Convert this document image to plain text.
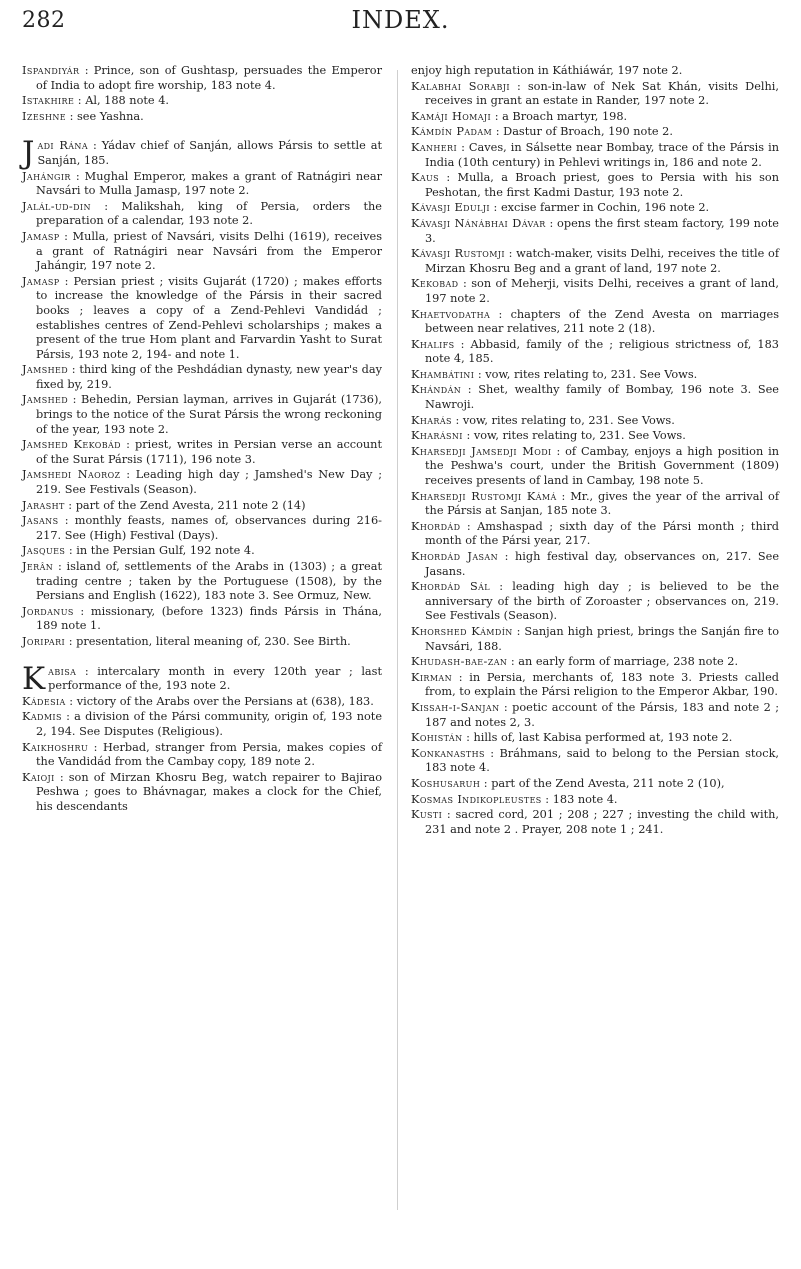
282	INDEX.
Ispandiyár : Prince, son of Gushtasp, persuades the Emperor of India to adopt fire worship, 183 note 4.
Istakhire : Al, 188 note 4.
Izeshne : see Yashna.
Jadi Rána : Yádav chief of Sanján, allows Pársis to settle at Sanján, 185.
Jahángir : Mughal Emperor, makes a grant of Ratnágiri near Navsári to Mulla Jamasp, 197 note 2.
Jalál-ud-din : Malikshah, king of Persia, orders the preparation of a calendar, 193 note 2.
Jamasp : Mulla, priest of Navsári, visits Delhi (1619), receives a grant of Ratnágiri near Navsári from the Emperor Jahángir, 197 note 2.
Jamasp : Persian priest ; visits Gujarát (1720) ; makes efforts to increase the knowledge of the Pársis in their sacred books ; leaves a copy of a Zend-Pehlevi Vandidád ; establishes centres of Zend-Pehlevi scholarships ; makes a present of the true Hom plant and Farvardin Yasht to Surat Pársis, 193 note 2, 194- and note 1.
Jamshed : third king of the Peshdádian dynasty, new year's day fixed by, 219.
Jamshed : Behedin, Persian layman, arrives in Gujarát (1736), brings to the notice of the Surat Pársis the wrong reckoning of the year, 193 note 2.
Jamshed Kekobád : priest, writes in Persian verse an account of the Surat Pársis (1711), 196 note 3.
Jamshedi Naoroz : Leading high day ; Jamshed's New Day ; 219. See Festivals (Season).
Jarasht : part of the Zend Avesta, 211 note 2 (14)
Jasans : monthly feasts, names of, observances during 216-217. See (High) Festival (Days).
Jasques : in the Persian Gulf, 192 note 4.
Jerân : island of, settlements of the Arabs in (1303) ; a great trading centre ; taken by the Portuguese (1508), by the Persians and English (1622), 183 note 3. See Ormuz, New.
Jordanus : missionary, (before 1323) finds Pársis in Thána, 189 note 1.
Joripari : presentation, literal meaning of, 230. See Birth.
Kabisa : intercalary month in every 120th year ; last performance of the, 193 note 2.
Kádesia : victory of the Arabs over the Persians at (638), 183.
Kadmis : a division of the Pársi community, origin of, 193 note 2, 194. See Disputes (Religious).
Kaikhoshru : Herbad, stranger from Persia, makes copies of the Vandidád from the Cambay copy, 189 note 2.
Kaioji : son of Mirzan Khosru Beg, watch repairer to Bajirao Peshwa ; goes to Bhávnagar, makes a clock for the Chief, his descendants
enjoy high reputation in Káthiáwár, 197 note 2.
Kalabhai Sorabji : son-in-law of Nek Sat Khán, visits Delhi, receives in grant an estate in Rander, 197 note 2.
Kamáji Homaji : a Broach martyr, 198.
Kámdín Padam : Dastur of Broach, 190 note 2.
Kanheri : Caves, in Sálsette near Bombay, trace of the Pársis in India (10th century) in Pehlevi writings in, 186 and note 2.
Kaus : Mulla, a Broach priest, goes to Persia with his son Peshotan, the first Kadmi Dastur, 193 note 2.
Kávasji Edulji : excise farmer in Cochin, 196 note 2.
Kávasji Nánábhai Dávar : opens the first steam factory, 199 note 3.
Kávasji Rustomji : watch-maker, visits Delhi, receives the title of Mirzan Khosru Beg and a grant of land, 197 note 2.
Kekobad : son of Meherji, visits Delhi, receives a grant of land, 197 note 2.
Khaetvodatha : chapters of the Zend Avesta on marriages between near relatives, 211 note 2 (18).
Khalifs : Abbasid, family of the ; religious strictness of, 183 note 4, 185.
Khambátini : vow, rites relating to, 231. See Vows.
Khándán : Shet, wealthy family of Bombay, 196 note 3. See Nawroji.
Kharás : vow, rites relating to, 231. See Vows.
Kharásni : vow, rites relating to, 231. See Vows.
Kharsedji Jamsedji Modi : of Cambay, enjoys a high position in the Peshwa's court, under the British Government (1809) receives presents of land in Cambay, 198 note 5.
Kharsedji Rustomji Kámá : Mr., gives the year of the arrival of the Pársis at Sanjan, 185 note 3.
Khordád : Amshaspad ; sixth day of the Pársi month ; third month of the Pársi year, 217.
Khordád Jasan : high festival day, observances on, 217. See Jasans.
Khordád Sál : leading high day ; is believed to be the anniversary of the birth of Zoroaster ; observances on, 219. See Festivals (Season).
Khorshed Kámdín : Sanjan high priest, brings the Sanján fire to Navsári, 188.
Khudash-bae-zan : an early form of marriage, 238 note 2.
Kirman : in Persia, merchants of, 183 note 3. Priests called from, to explain the Pársi religion to the Emperor Akbar, 190.
Kissah-i-Sanjan : poetic account of the Pársis, 183 and note 2 ; 187 and notes 2, 3.
Kohistán : hills of, last Kabisa performed at, 193 note 2.
Konkanasths : Bráhmans, said to belong to the Persian stock, 183 note 4.
Koshusaruh : part of the Zend Avesta, 211 note 2 (10),
Kosmas Indikopleustes : 183 note 4.
Kusti : sacred cord, 201 ; 208 ; 227 ; investing the child with, 231 and note 2 . Prayer, 208 note 1 ; 241.
